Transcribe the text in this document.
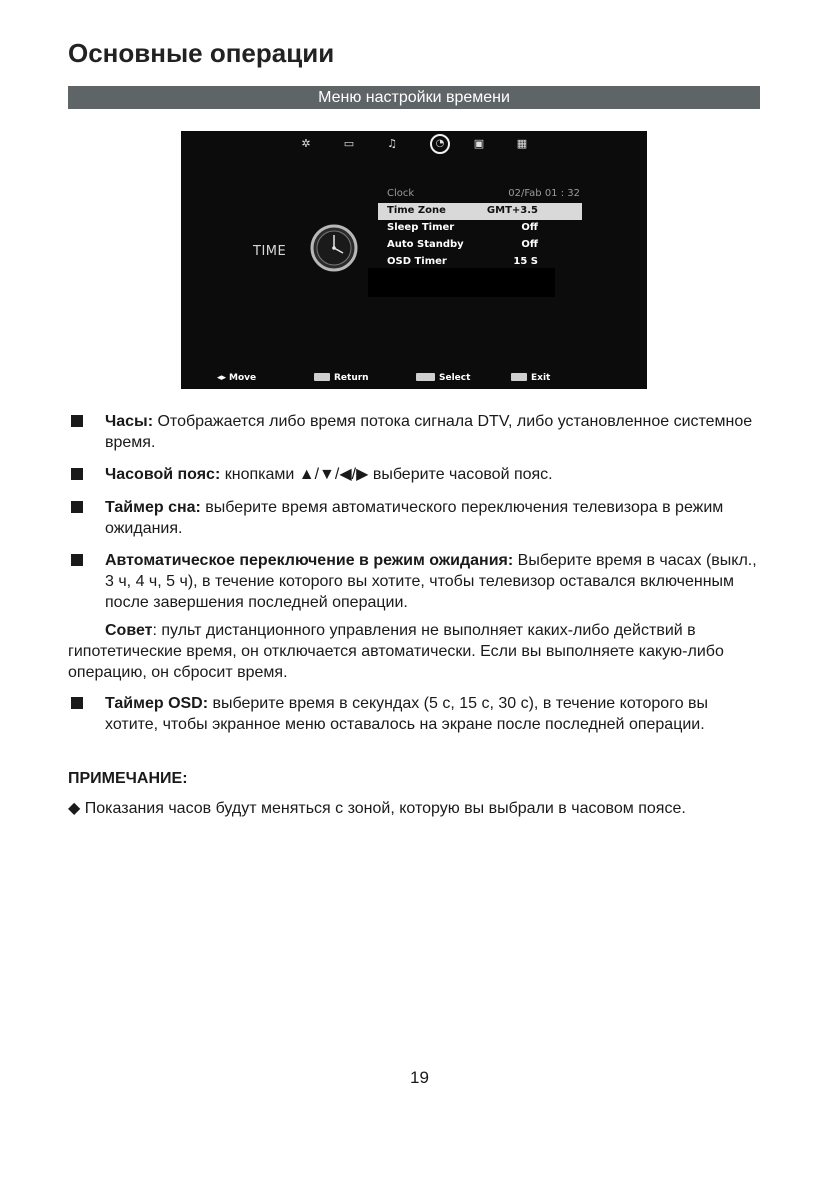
Основные операции
Меню настройки времени
✲	▭	♫	◔	▣	▦
TIME
Clock	02/Fab 01 : 32
Time Zone	GMT+3.5
Sleep Timer	Off
Auto Standby	Off
OSD Timer	15 S
◂▸ Move	Return	Select	Exit
Часы: Отображается либо время потока сигнала DTV, либо установленное системное время.
Часовой пояс: кнопками ▲/▼/◀/▶ выберите часовой пояс.
Таймер сна: выберите время автоматического переключения телевизора в режим ожидания.
Автоматическое переключение в режим ожидания: Выберите время в часах (выкл., 3 ч, 4 ч, 5 ч), в течение которого вы хотите, чтобы телевизор оставался включенным после завершения последней операции.
Совет: пульт дистанционного управления не выполняет каких-либо действий в гипотетические время, он отключается автоматически. Если вы выполняете какую-либо операцию, он сбросит время.
Таймер OSD: выберите время в секундах (5 с, 15 с, 30 с), в течение которого вы хотите, чтобы экранное меню оставалось на экране после последней операции.
ПРИМЕЧАНИЕ:
◆ Показания часов будут меняться с зоной, которую вы выбрали в часовом поясе.
19
